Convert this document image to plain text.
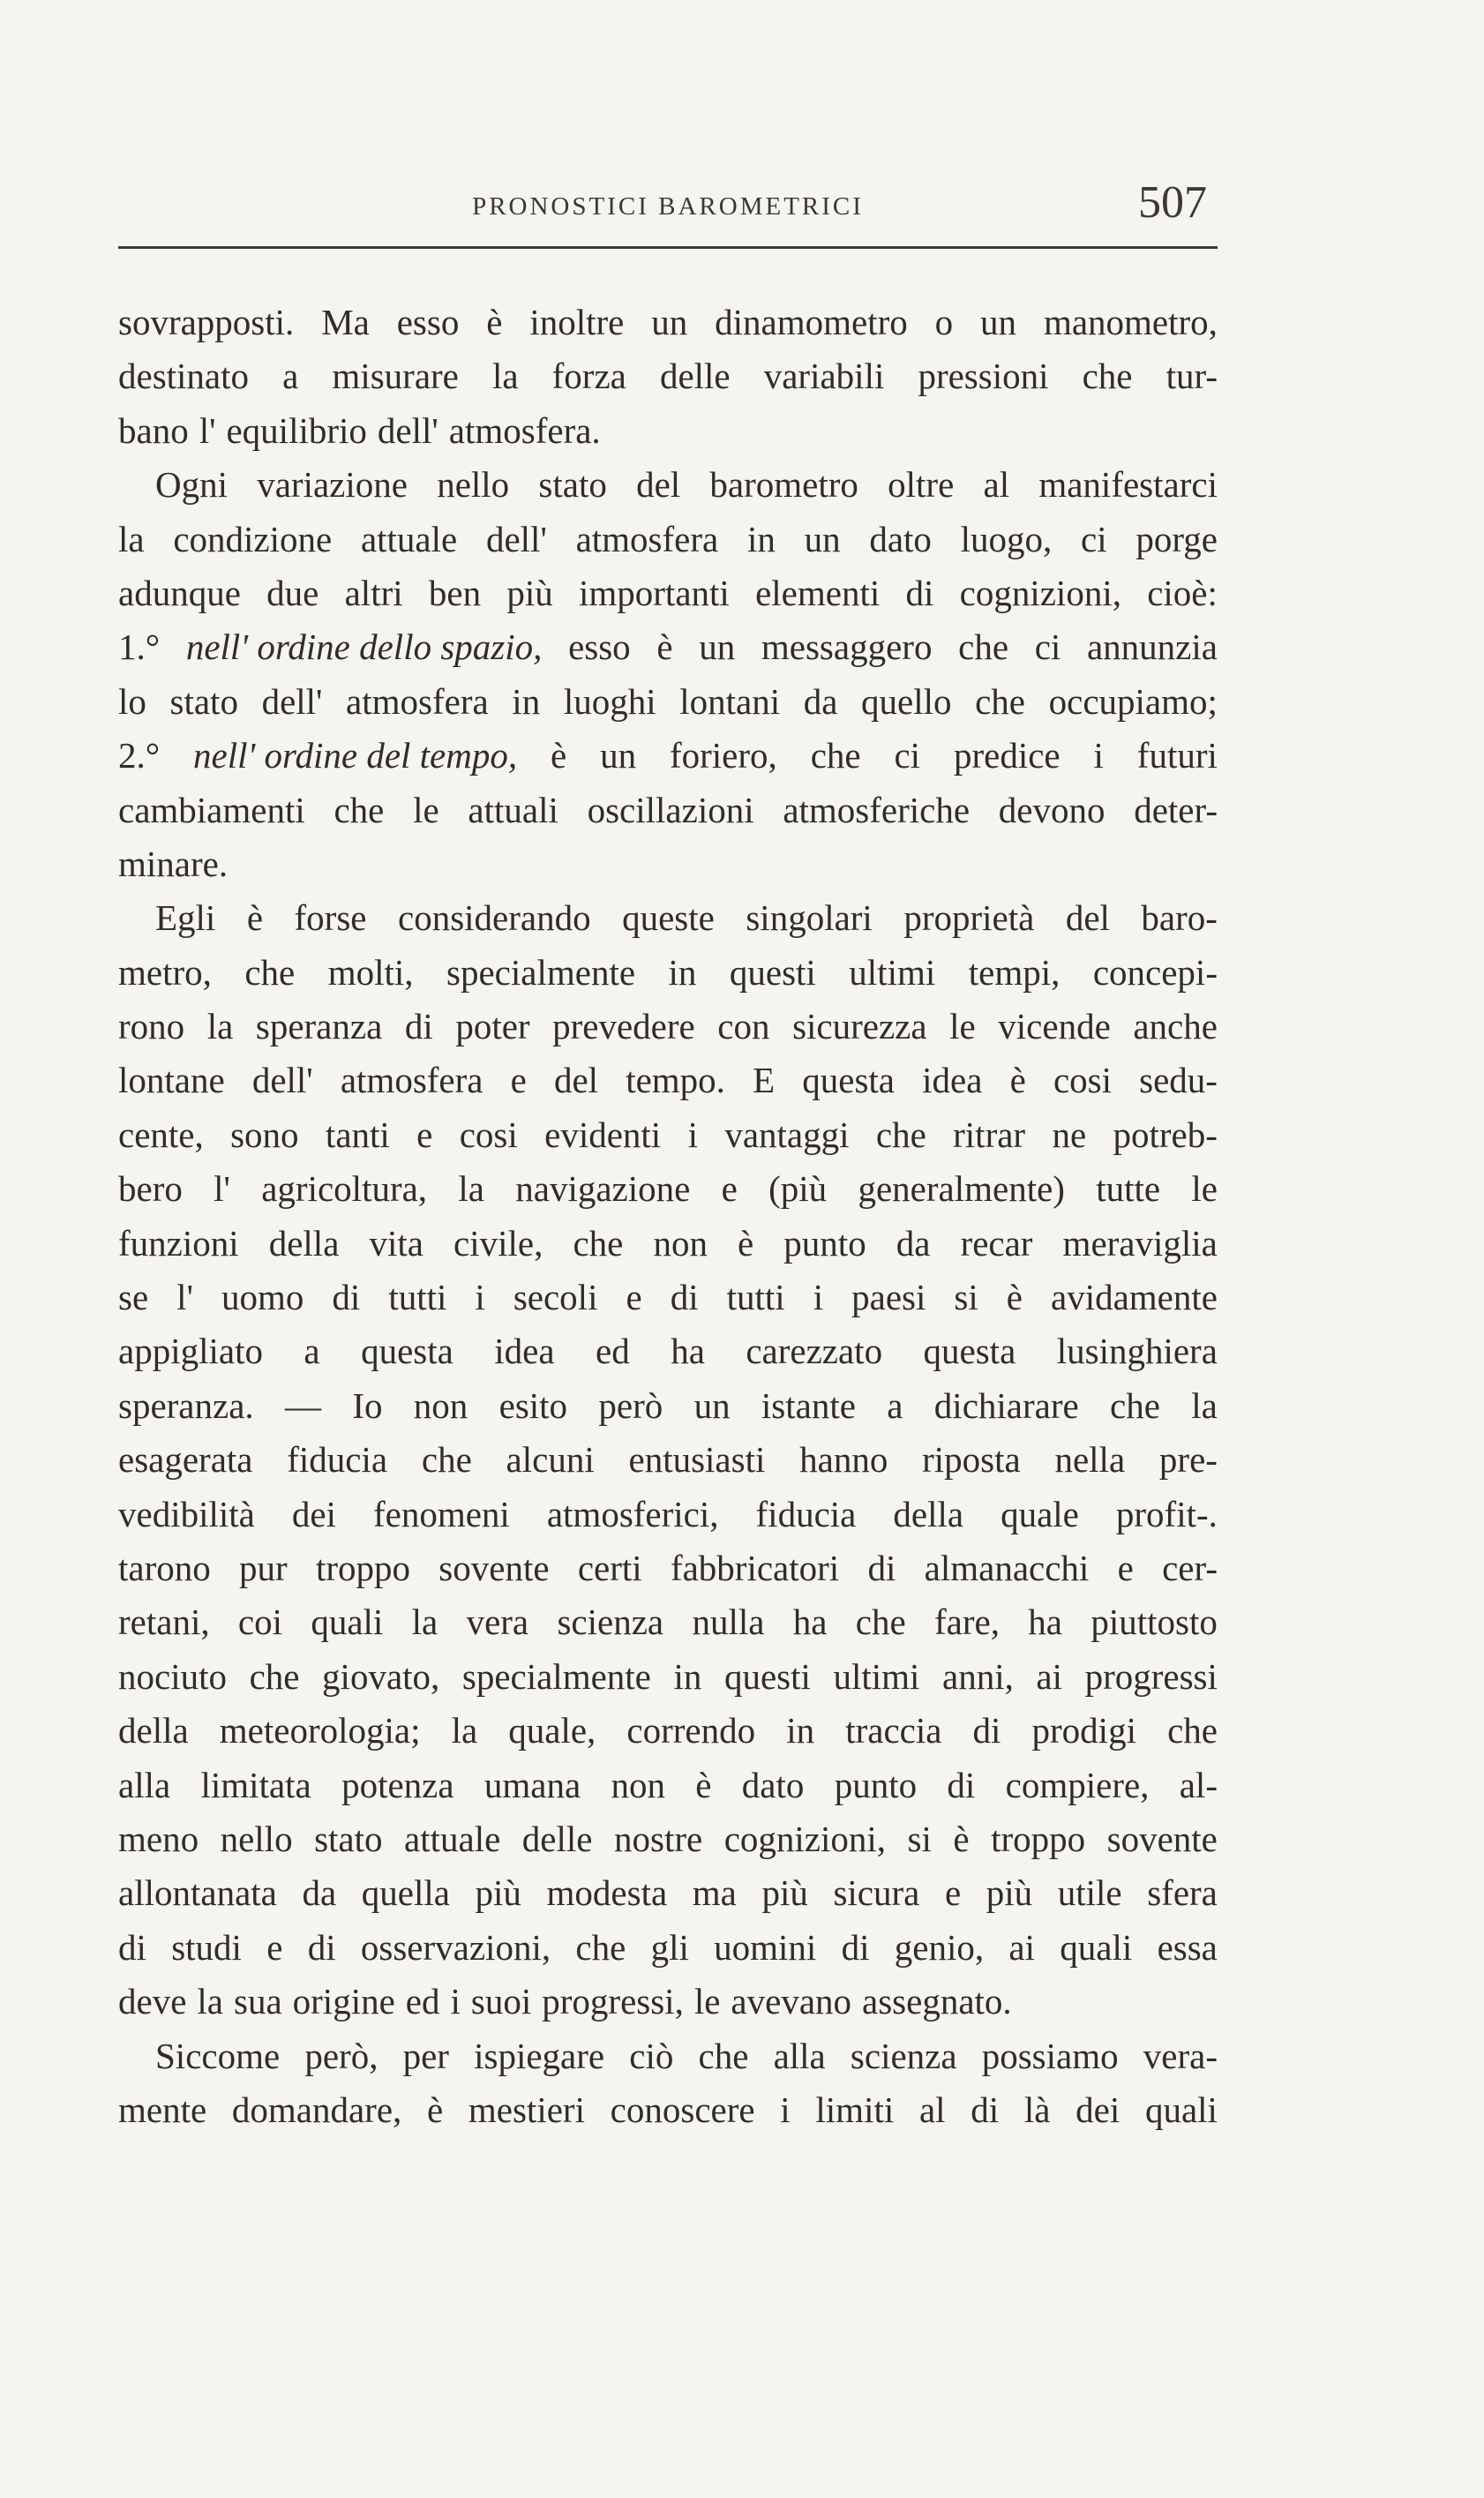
PRONOSTICI BAROMETRICI	507
sovrapposti. Ma esso è inoltre un dinamometro o un manometro,
destinato a misurare la forza delle variabili pressioni che tur-
bano l' equilibrio dell' atmosfera.
Ogni variazione nello stato del barometro oltre al manifestarci
la condizione attuale dell' atmosfera in un dato luogo, ci porge
adunque due altri ben più importanti elementi di cognizioni, cioè:
1.° nell' ordine dello spazio, esso è un messaggero che ci annunzia
lo stato dell' atmosfera in luoghi lontani da quello che occupiamo;
2.° nell' ordine del tempo, è un foriero, che ci predice i futuri
cambiamenti che le attuali oscillazioni atmosferiche devono deter-
minare.
Egli è forse considerando queste singolari proprietà del baro-
metro, che molti, specialmente in questi ultimi tempi, concepi-
rono la speranza di poter prevedere con sicurezza le vicende anche
lontane dell' atmosfera e del tempo. E questa idea è cosi sedu-
cente, sono tanti e cosi evidenti i vantaggi che ritrar ne potreb-
bero l' agricoltura, la navigazione e (più generalmente) tutte le
funzioni della vita civile, che non è punto da recar meraviglia
se l' uomo di tutti i secoli e di tutti i paesi si è avidamente
appigliato a questa idea ed ha carezzato questa lusinghiera
speranza. — Io non esito però un istante a dichiarare che la
esagerata fiducia che alcuni entusiasti hanno riposta nella pre-
vedibilità dei fenomeni atmosferici, fiducia della quale profit-.
tarono pur troppo sovente certi fabbricatori di almanacchi e cer-
retani, coi quali la vera scienza nulla ha che fare, ha piuttosto
nociuto che giovato, specialmente in questi ultimi anni, ai progressi
della meteorologia; la quale, correndo in traccia di prodigi che
alla limitata potenza umana non è dato punto di compiere, al-
meno nello stato attuale delle nostre cognizioni, si è troppo sovente
allontanata da quella più modesta ma più sicura e più utile sfera
di studi e di osservazioni, che gli uomini di genio, ai quali essa
deve la sua origine ed i suoi progressi, le avevano assegnato.
Siccome però, per ispiegare ciò che alla scienza possiamo vera-
mente domandare, è mestieri conoscere i limiti al di là dei quali
